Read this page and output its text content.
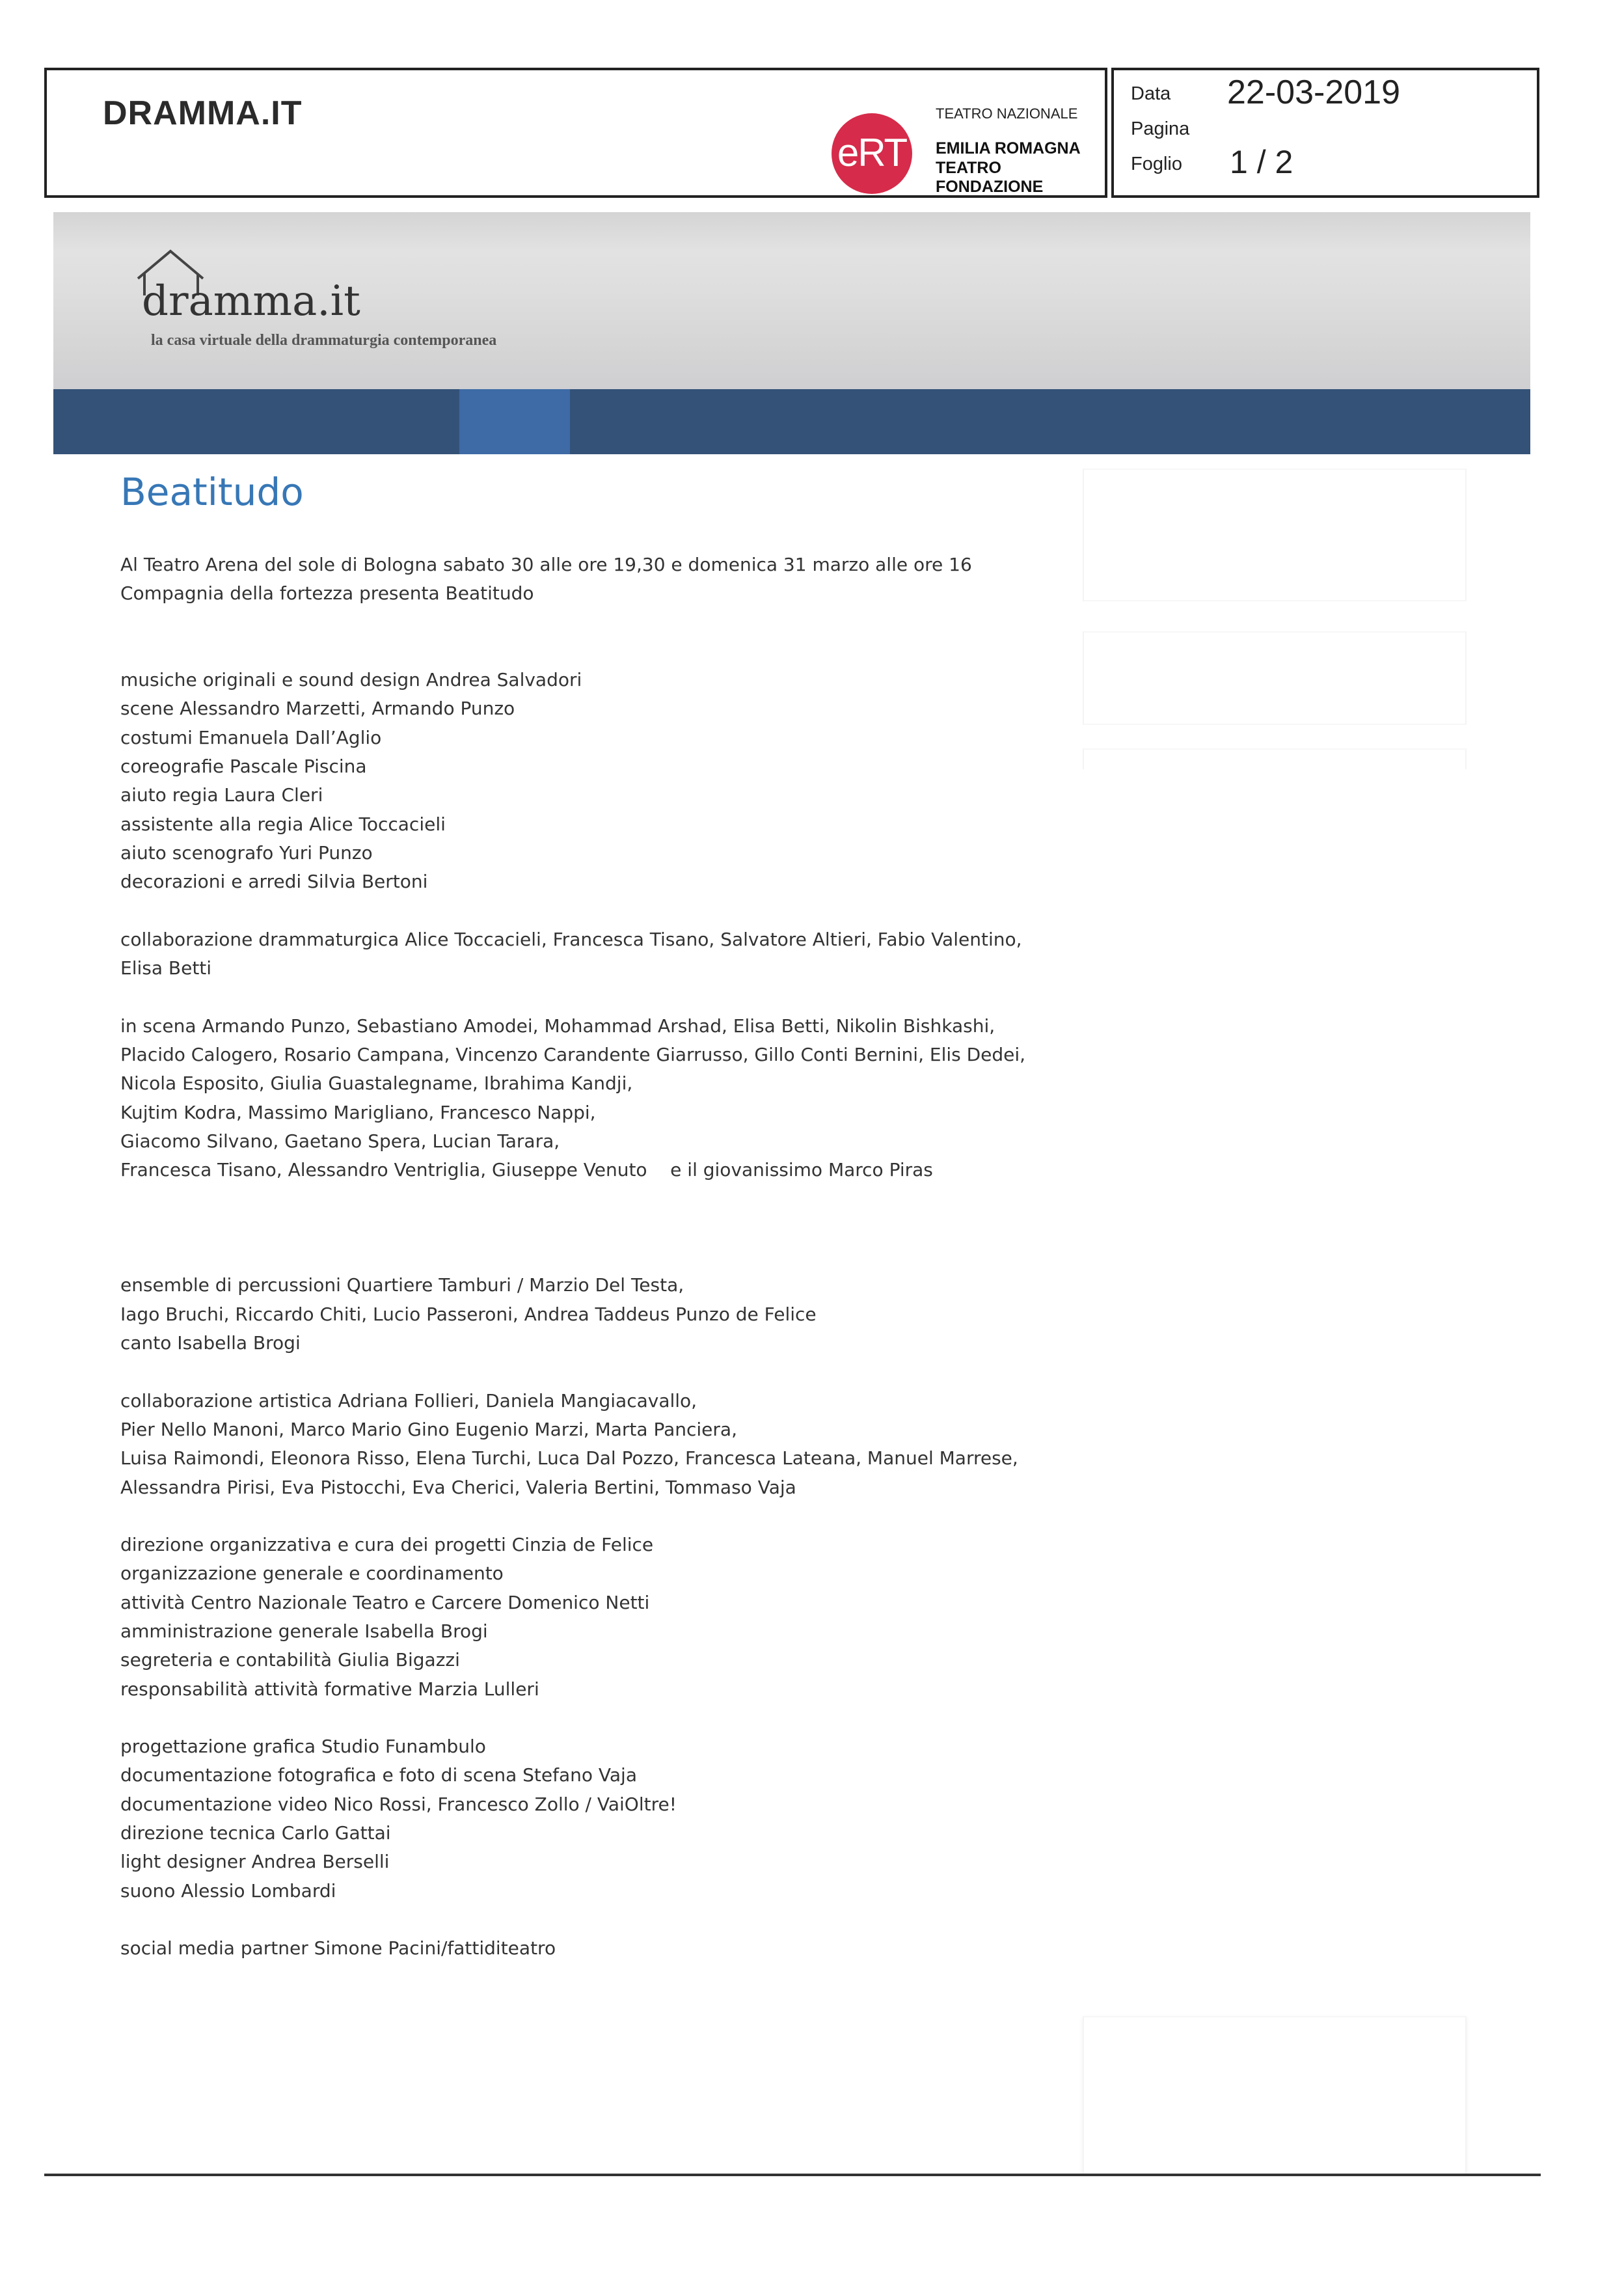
DRAMMA.IT
eRT
TEATRO NAZIONALE
EMILIA ROMAGNA
TEATRO FONDAZIONE
Data 22-03-2019
Pagina
Foglio 1 / 2
dramma.it
la casa virtuale della drammaturgia contemporanea
Beatitudo
Al Teatro Arena del sole di Bologna sabato 30 alle ore 19,30 e domenica 31 marzo alle ore 16
Compagnia della fortezza presenta Beatitudo
musiche originali e sound design Andrea Salvadori
scene Alessandro Marzetti, Armando Punzo
costumi Emanuela Dall’Aglio
coreografie Pascale Piscina
aiuto regia Laura Cleri
assistente alla regia Alice Toccacieli
aiuto scenografo Yuri Punzo
decorazioni e arredi Silvia Bertoni
collaborazione drammaturgica Alice Toccacieli, Francesca Tisano, Salvatore Altieri, Fabio Valentino,
Elisa Betti
in scena Armando Punzo, Sebastiano Amodei, Mohammad Arshad, Elisa Betti, Nikolin Bishkashi,
Placido Calogero, Rosario Campana, Vincenzo Carandente Giarrusso, Gillo Conti Bernini, Elis Dedei,
Nicola Esposito, Giulia Guastalegname, Ibrahima Kandji,
Kujtim Kodra, Massimo Marigliano, Francesco Nappi,
Giacomo Silvano, Gaetano Spera, Lucian Tarara,
Francesca Tisano, Alessandro Ventriglia, Giuseppe Venuto    e il giovanissimo Marco Piras
ensemble di percussioni Quartiere Tamburi / Marzio Del Testa,
Iago Bruchi, Riccardo Chiti, Lucio Passeroni, Andrea Taddeus Punzo de Felice
canto Isabella Brogi
collaborazione artistica Adriana Follieri, Daniela Mangiacavallo,
Pier Nello Manoni, Marco Mario Gino Eugenio Marzi, Marta Panciera,
Luisa Raimondi, Eleonora Risso, Elena Turchi, Luca Dal Pozzo, Francesca Lateana, Manuel Marrese,
Alessandra Pirisi, Eva Pistocchi, Eva Cherici, Valeria Bertini, Tommaso Vaja
direzione organizzativa e cura dei progetti Cinzia de Felice
organizzazione generale e coordinamento
attività Centro Nazionale Teatro e Carcere Domenico Netti
amministrazione generale Isabella Brogi
segreteria e contabilità Giulia Bigazzi
responsabilità attività formative Marzia Lulleri
progettazione grafica Studio Funambulo
documentazione fotografica e foto di scena Stefano Vaja
documentazione video Nico Rossi, Francesco Zollo / VaiOltre!
direzione tecnica Carlo Gattai
light designer Andrea Berselli
suono Alessio Lombardi
social media partner Simone Pacini/fattiditeatro
